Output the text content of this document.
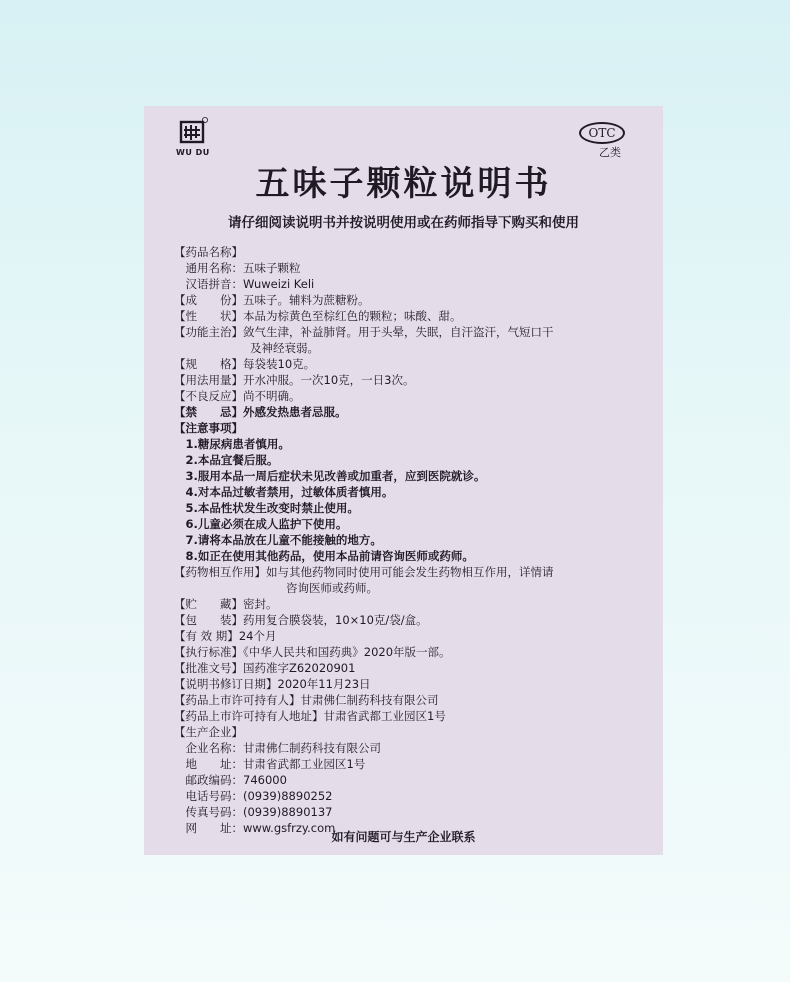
WU DU
OTC
乙类
五味子颗粒说明书
请仔细阅读说明书并按说明使用或在药师指导下购买和使用
【药品名称】
　通用名称：五味子颗粒
　汉语拼音：Wuweizi Keli
【成　　份】五味子。辅料为蔗糖粉。
【性　　状】本品为棕黄色至棕红色的颗粒；味酸、甜。
【功能主治】敛气生津，补益肺肾。用于头晕，失眠，自汗盗汗，气短口干
及神经衰弱。
【规　　格】每袋装10克。
【用法用量】开水冲服。一次10克，一日3次。
【不良反应】尚不明确。
【禁　　忌】外感发热患者忌服。
【注意事项】
　1.糖尿病患者慎用。
　2.本品宜餐后服。
　3.服用本品一周后症状未见改善或加重者，应到医院就诊。
　4.对本品过敏者禁用，过敏体质者慎用。
　5.本品性状发生改变时禁止使用。
　6.儿童必须在成人监护下使用。
　7.请将本品放在儿童不能接触的地方。
　8.如正在使用其他药品，使用本品前请咨询医师或药师。
【药物相互作用】如与其他药物同时使用可能会发生药物相互作用，详情请
咨询医师或药师。
【贮　　藏】密封。
【包　　装】药用复合膜袋装，10×10克/袋/盒。
【有 效 期】24个月
【执行标准】《中华人民共和国药典》2020年版一部。
【批准文号】国药准字Z62020901
【说明书修订日期】2020年11月23日
【药品上市许可持有人】甘肃佛仁制药科技有限公司
【药品上市许可持有人地址】甘肃省武都工业园区1号
【生产企业】
　企业名称：甘肃佛仁制药科技有限公司
　地　　址：甘肃省武都工业园区1号
　邮政编码：746000
　电话号码：(0939)8890252
　传真号码：(0939)8890137
　网　　址：www.gsfrzy.com
如有问题可与生产企业联系
